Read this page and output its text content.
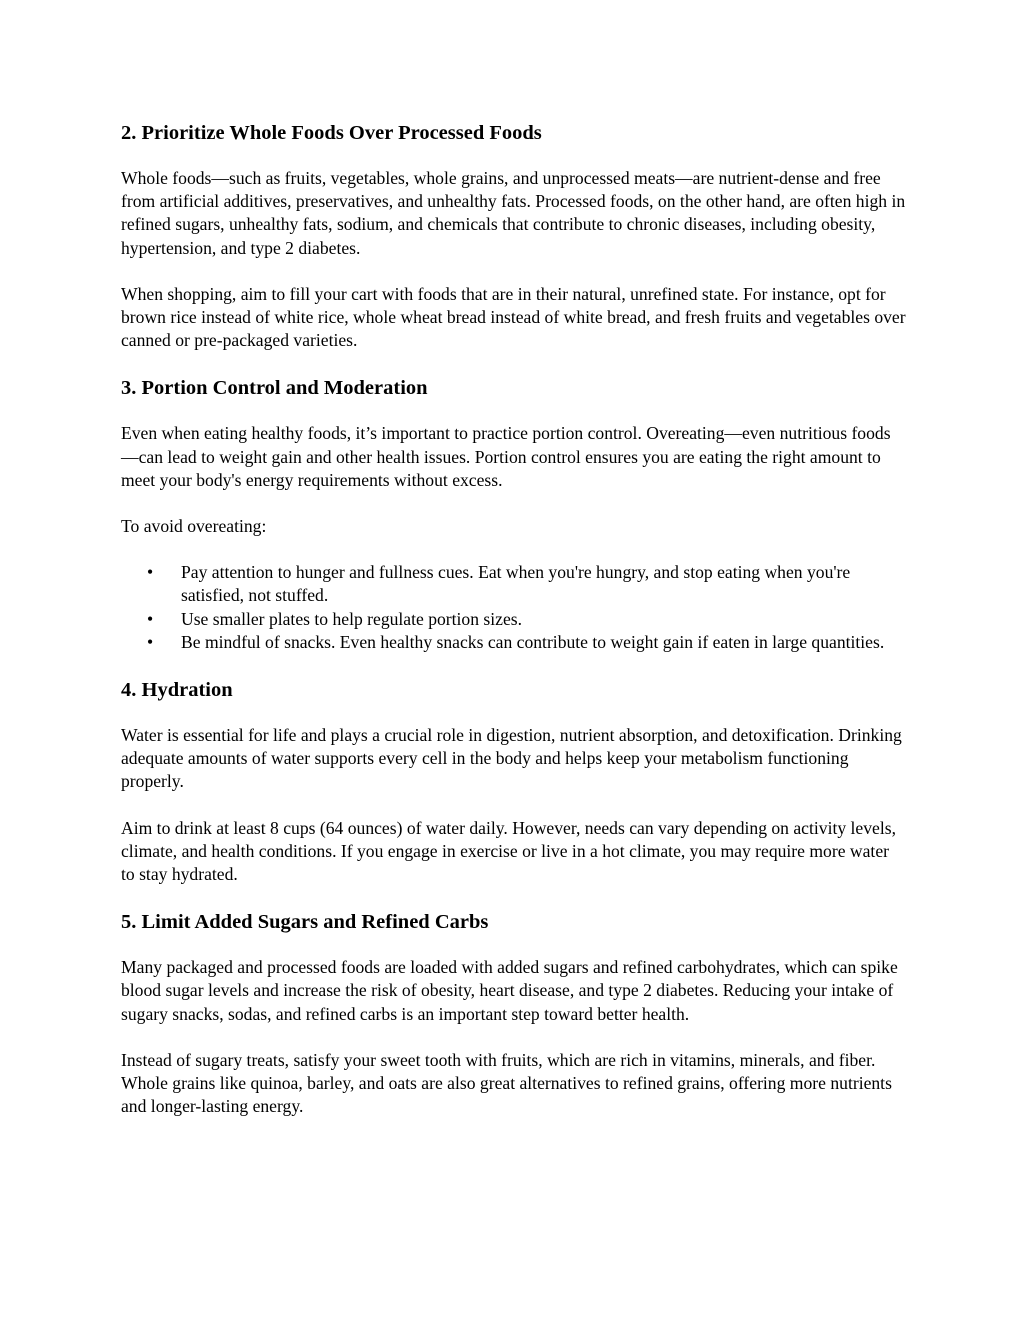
2. Prioritize Whole Foods Over Processed Foods

Whole foods—such as fruits, vegetables, whole grains, and unprocessed meats—are nutrient-dense and free from artificial additives, preservatives, and unhealthy fats. Processed foods, on the other hand, are often high in refined sugars, unhealthy fats, sodium, and chemicals that contribute to chronic diseases, including obesity, hypertension, and type 2 diabetes.

When shopping, aim to fill your cart with foods that are in their natural, unrefined state. For instance, opt for brown rice instead of white rice, whole wheat bread instead of white bread, and fresh fruits and vegetables over canned or pre-packaged varieties.

3. Portion Control and Moderation

Even when eating healthy foods, it’s important to practice portion control. Overeating—even nutritious foods—can lead to weight gain and other health issues. Portion control ensures you are eating the right amount to meet your body's energy requirements without excess.

To avoid overeating:

• Pay attention to hunger and fullness cues. Eat when you're hungry, and stop eating when you're satisfied, not stuffed.
• Use smaller plates to help regulate portion sizes.
• Be mindful of snacks. Even healthy snacks can contribute to weight gain if eaten in large quantities.
4. Hydration

Water is essential for life and plays a crucial role in digestion, nutrient absorption, and detoxification. Drinking adequate amounts of water supports every cell in the body and helps keep your metabolism functioning properly.

Aim to drink at least 8 cups (64 ounces) of water daily. However, needs can vary depending on activity levels, climate, and health conditions. If you engage in exercise or live in a hot climate, you may require more water to stay hydrated.

5. Limit Added Sugars and Refined Carbs

Many packaged and processed foods are loaded with added sugars and refined carbohydrates, which can spike blood sugar levels and increase the risk of obesity, heart disease, and type 2 diabetes. Reducing your intake of sugary snacks, sodas, and refined carbs is an important step toward better health.

Instead of sugary treats, satisfy your sweet tooth with fruits, which are rich in vitamins, minerals, and fiber. Whole grains like quinoa, barley, and oats are also great alternatives to refined grains, offering more nutrients and longer-lasting energy.
